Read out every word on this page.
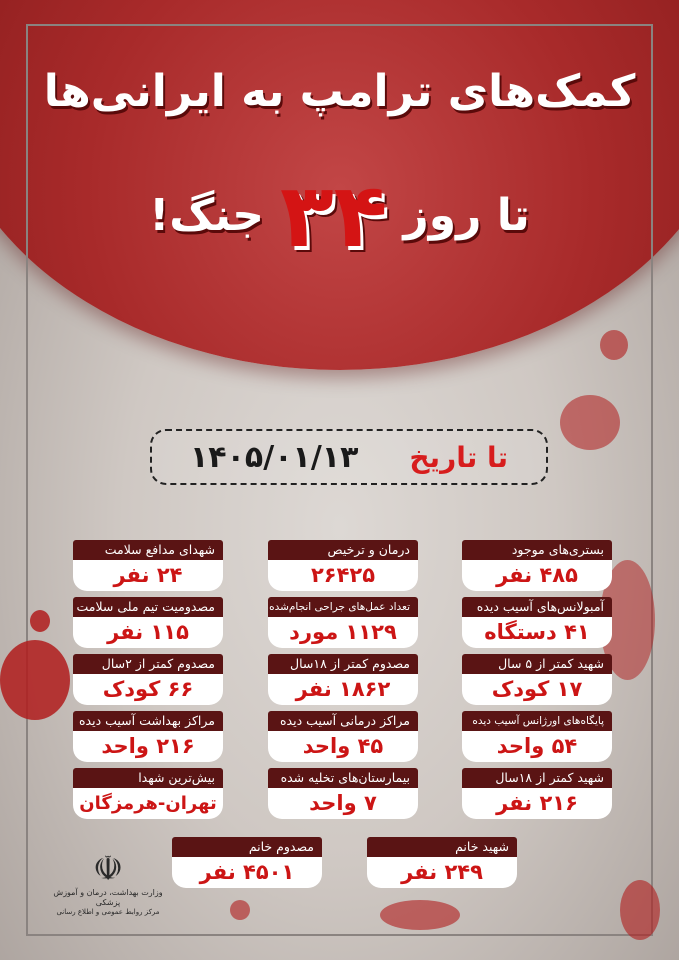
کمک‌های ترامپ به ایرانی‌ها
تا روز
۳۴
جنگ!
تا تاریخ
۱۴۰۵/۰۱/۱۳
بستری‌های موجود
۴۸۵ نفر
درمان و ترخیص
۲۶۴۲۵
شهدای مدافع سلامت
۲۴ نفر
آمبولانس‌های آسیب دیده
۴۱ دستگاه
تعداد عمل‌های جراحی انجام‌شده
۱۱۲۹ مورد
مصدومیت تیم ملی سلامت
۱۱۵ نفر
شهید کمتر از ۵ سال
۱۷ کودک
مصدوم کمتر از ۱۸سال
۱۸۶۲ نفر
مصدوم کمتر از ۲سال
۶۶ کودک
پایگاه‌های اورژانس آسیب دیده
۵۴ واحد
مراکز درمانی آسیب دیده
۴۵ واحد
مراکز بهداشت آسیب دیده
۲۱۶ واحد
شهید کمتر از ۱۸سال
۲۱۶ نفر
بیمارستان‌های تخلیه شده
۷ واحد
بیش‌ترین شهدا
تهران-هرمزگان
شهید خانم
۲۴۹ نفر
مصدوم خانم
۴۵۰۱ نفر
☫
وزارت بهداشت، درمان و آموزش پزشکی
مرکز روابط عمومی و اطلاع رسانی
